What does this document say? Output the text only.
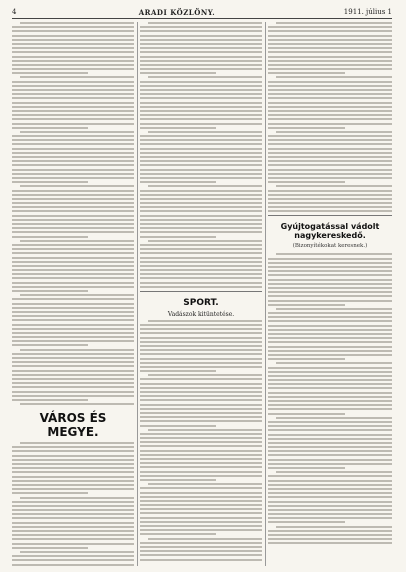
4	ARADI KÖZLÖNY.	1911. július 1
VÁROS ÉS MEGYE.
SPORT.
Vadászok kitüntetése.
Gyújtogatással vádolt nagykereskedő.
(Bizonyítékokat keresnek.)
